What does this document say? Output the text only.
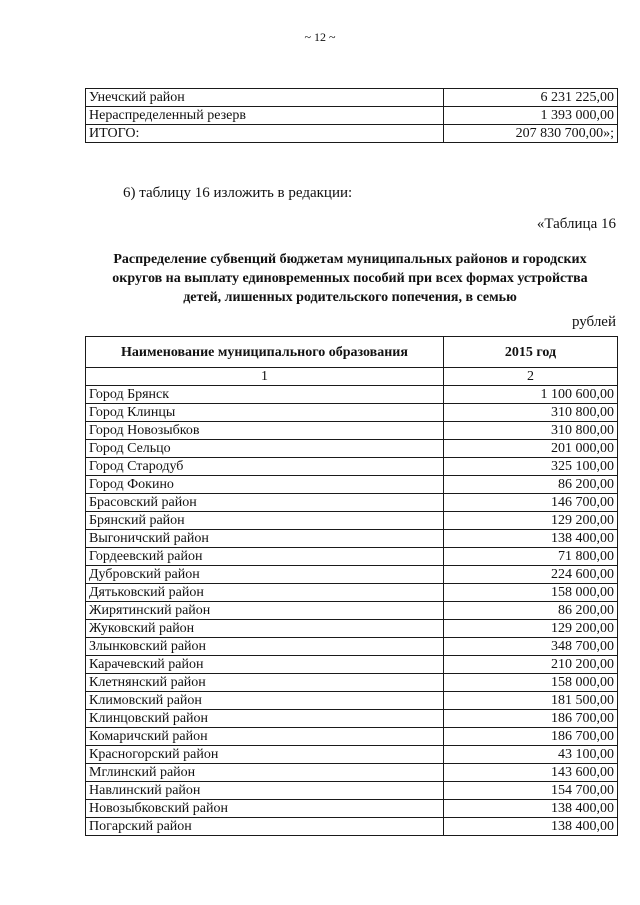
~ 12 ~
Унечский район	6 231 225,00
Нераспределенный резерв	1 393 000,00
ИТОГО:	207 830 700,00»;
6) таблицу 16 изложить в редакции:
«Таблица 16
Распределение субвенций бюджетам муниципальных районов и городских
округов на выплату единовременных пособий при всех формах устройства
детей, лишенных родительского попечения, в семью
рублей
Наименование муниципального образования	2015 год
1	2
Город Брянск	1 100 600,00
Город Клинцы	310 800,00
Город Новозыбков	310 800,00
Город Сельцо	201 000,00
Город Стародуб	325 100,00
Город Фокино	86 200,00
Брасовский район	146 700,00
Брянский район	129 200,00
Выгоничский район	138 400,00
Гордеевский район	71 800,00
Дубровский район	224 600,00
Дятьковский район	158 000,00
Жирятинский район	86 200,00
Жуковский район	129 200,00
Злынковский район	348 700,00
Карачевский район	210 200,00
Клетнянский район	158 000,00
Климовский район	181 500,00
Клинцовский район	186 700,00
Комаричский район	186 700,00
Красногорский район	43 100,00
Мглинский район	143 600,00
Навлинский район	154 700,00
Новозыбковский район	138 400,00
Погарский район	138 400,00
